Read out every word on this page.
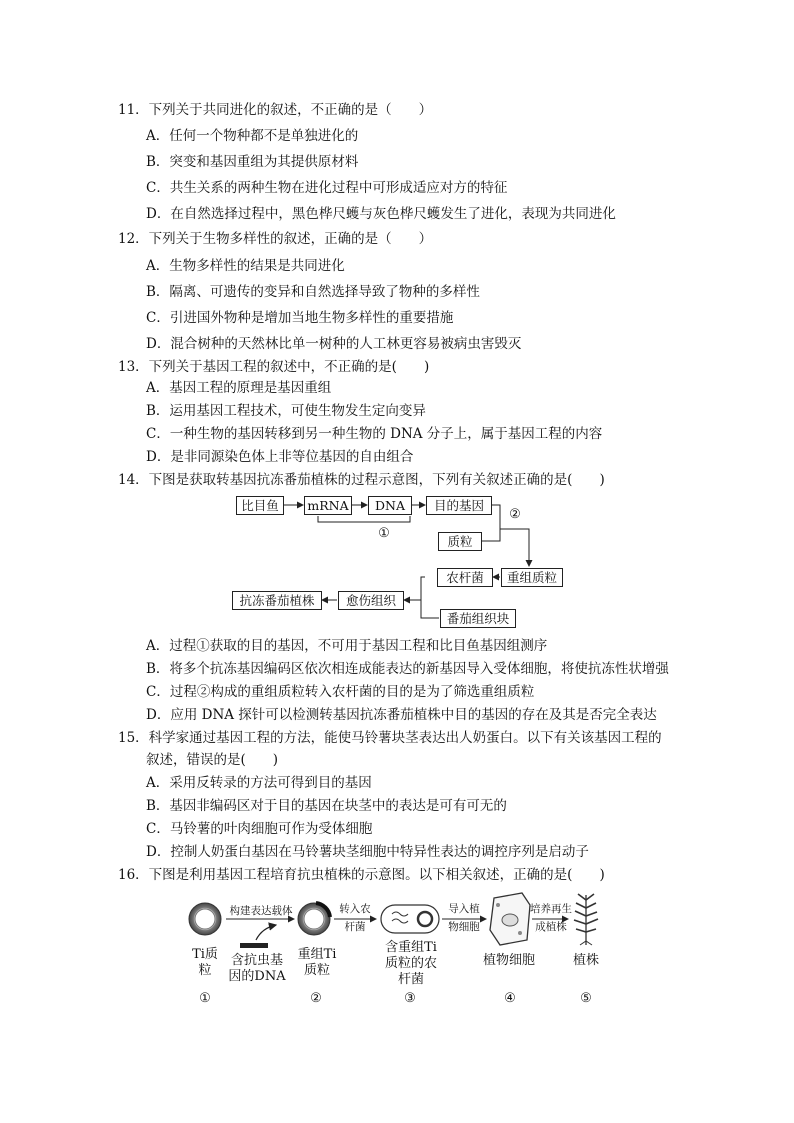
11．下列关于共同进化的叙述，不正确的是（　　）
A．任何一个物种都不是单独进化的
B．突变和基因重组为其提供原材料
C．共生关系的两种生物在进化过程中可形成适应对方的特征
D．在自然选择过程中，黑色桦尺蠖与灰色桦尺蠖发生了进化，表现为共同进化
12．下列关于生物多样性的叙述，正确的是（　　）
A．生物多样性的结果是共同进化
B．隔离、可遗传的变异和自然选择导致了物种的多样性
C．引进国外物种是增加当地生物多样性的重要措施
D．混合树种的天然林比单一树种的人工林更容易被病虫害毁灭
13．下列关于基因工程的叙述中，不正确的是(　　)
A．基因工程的原理是基因重组
B．运用基因工程技术，可使生物发生定向变异
C．一种生物的基因转移到另一种生物的 DNA 分子上，属于基因工程的内容
D．是非同源染色体上非等位基因的自由组合
14．下图是获取转基因抗冻番茄植株的过程示意图，下列有关叙述正确的是(　　)
比目鱼	mRNA	DNA	目的基因
①
②
质粒
重组质粒
农杆菌
番茄组织块
愈伤组织
抗冻番茄植株
A．过程①获取的目的基因，不可用于基因工程和比目鱼基因组测序
B．将多个抗冻基因编码区依次相连成能表达的新基因导入受体细胞，将使抗冻性状增强
C．过程②构成的重组质粒转入农杆菌的目的是为了筛选重组质粒
D．应用 DNA 探针可以检测转基因抗冻番茄植株中目的基因的存在及其是否完全表达
15．科学家通过基因工程的方法，能使马铃薯块茎表达出人奶蛋白。以下有关该基因工程的
叙述，错误的是(　　)
A．采用反转录的方法可得到目的基因
B．基因非编码区对于目的基因在块茎中的表达是可有可无的
C．马铃薯的叶肉细胞可作为受体细胞
D．控制人奶蛋白基因在马铃薯块茎细胞中特异性表达的调控序列是启动子
16．下图是利用基因工程培育抗虫植株的示意图。以下相关叙述，正确的是(　　)
构建表达载体	转入农
杆菌
导入植
物细胞
培养再生
成植株
Ti质
粒
含抗虫基
因的DNA
重组Ti
质粒
含重组Ti
质粒的农
杆菌
植物细胞	植株
①	②	③	④	⑤
